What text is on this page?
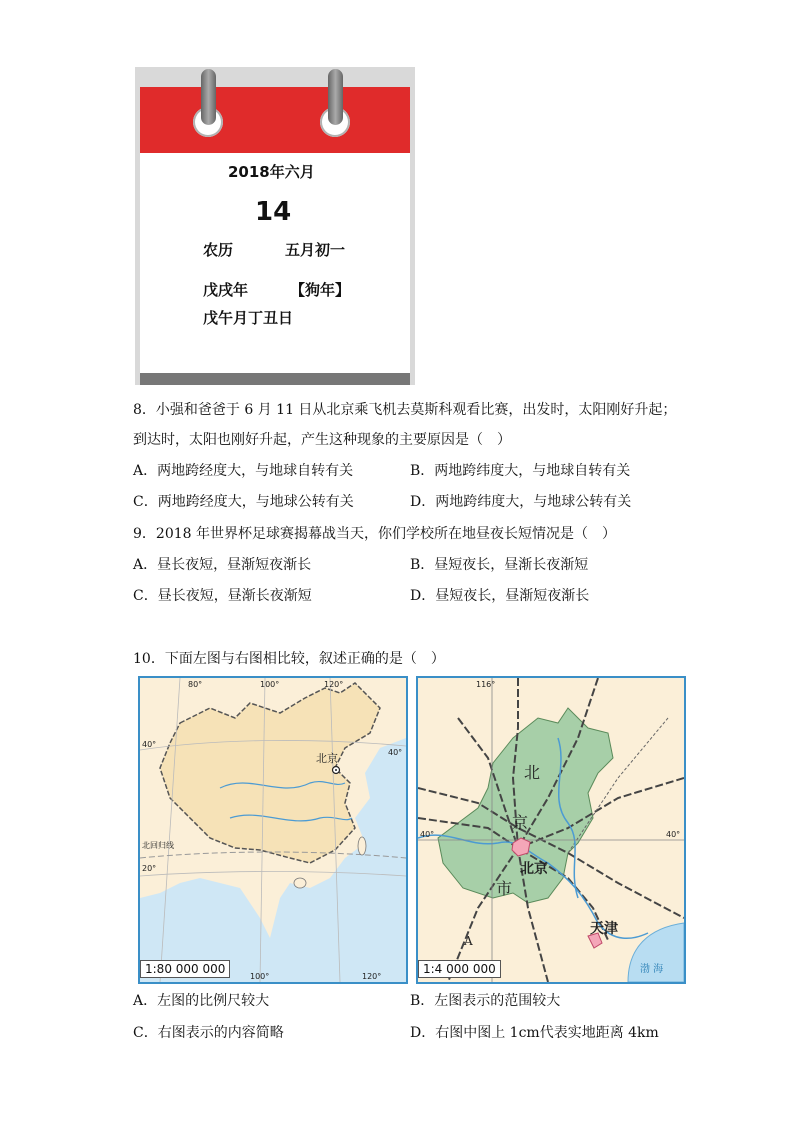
2018年六月
14
农历	五月初一
戊戌年	【狗年】
戊午月丁丑日
8．小强和爸爸于 6 月 11 日从北京乘飞机去莫斯科观看比赛，出发时，太阳刚好升起；
到达时，太阳也刚好升起，产生这种现象的主要原因是（　）
A．两地跨经度大，与地球自转有关	B．两地跨纬度大，与地球自转有关
C．两地跨经度大，与地球公转有关	D．两地跨纬度大，与地球公转有关
9．2018 年世界杯足球赛揭幕战当天，你们学校所在地昼夜长短情况是（　）
A．昼长夜短，昼渐短夜渐长	B．昼短夜长，昼渐长夜渐短
C．昼长夜短，昼渐长夜渐短	D．昼短夜长，昼渐短夜渐长
10．下面左图与右图相比较，叙述正确的是（　）
80°	100°	120°
40°
40°
20°
北回归线
北京
100°	120°
1:80 000 000
116°
40°	40°
北
京
市
北京
天津
渤 海
A
1:4 000 000
A．左图的比例尺较大	B．左图表示的范围较大
C．右图表示的内容简略	D．右图中图上 1cm代表实地距离 4km
